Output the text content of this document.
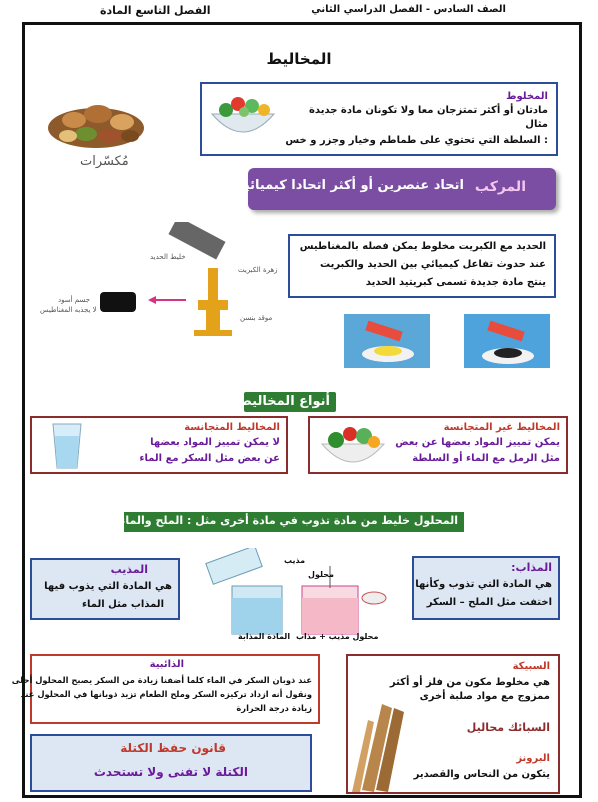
الصف السادس - الفصل الدراسي الثاني
الفصل التاسع المادة
المخاليط
مُكسّرات
المخلوط
مادتان أو أكثر تمتزجان معا ولا تكونان مادة جديدة
مثال
: السلطة التي تحتوي على طماطم وخيار وجزر و خس
المركب
اتحاد عنصرين أو أكثر اتحادا كيميائيا
خليط الحديد
زهرة الكبريت
موقد بنسن
جسم أسود
لا يجذبه المغناطيس
الحديد مع الكبريت مخلوط يمكن فصله بالمغناطيس
عند حدوث تفاعل كيميائي بين الحديد والكبريت
ينتج مادة جديدة تسمى كبريتيد الحديد
أنواع المخاليط
المخاليط غير المتجانسة
يمكن تمييز المواد بعضها عن بعض
مثل الرمل مع الماء أو السلطة
المخاليط المتجانسة
لا يمكن تمييز المواد بعضها
عن بعض مثل السكر مع الماء
المحلول خليط من مادة تذوب في مادة أخرى مثل : الملح والماء
المذاب:
هي المادة التي تذوب وكأنها
اختفت مثل الملح – السكر
المذيب
هي المادة التي يذوب فيها
المذاب مثل الماء
مذيب
محلول
المادة المذابة محلول مذيب + مذاب
السبيكة
هي مخلوط مكون من فلز أو أكثر
ممزوج مع مواد صلبة أخرى
السبائك محاليل
البرونز
يتكون من النحاس والقصدير
الذائبية
عند ذوبان السكر في الماء كلما أضفنا زيادة من السكر يصبح المحلول أحلى
ونقول أنه ازداد تركيزه السكر وملح الطعام تزيد ذوبانها في المحلول عند
زيادة درجة الحرارة
قانون حفظ الكتلة
الكتلة لا تفنى ولا تستحدث
